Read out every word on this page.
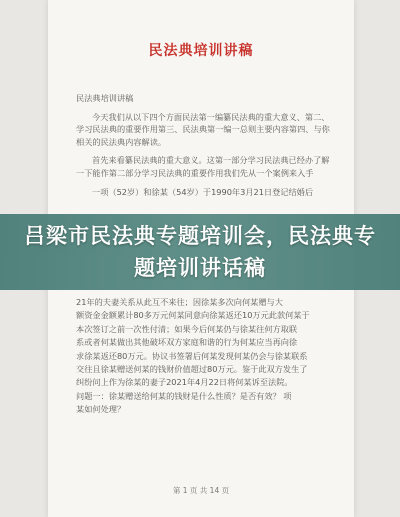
民法典培训讲稿

民法典培训讲稿

今天我们从以下四个方面民法第一编纂民法典的重大意义、第二、学习民法典的重要作用第三、民法典第一编一总则主要内容第四、与你相关的民法典内容解读。

首先来看纂民法典的重大意义。这第一部分学习民法典已经办了解一下能作第二部分学习民法典的重要作用我们先从一个案例来入手

一项（52岁）和徐某（54岁）于1990年3月21日登记结婚后

21年的夫妻关系从此互不来往；因徐某多次向何某赠与大

额资金金额累计80多万元何某同意向徐某返还10万元此款何某于

本次签订之前一次性付清；如果今后何某仍与徐某往何方取联

系或者何某做出其他破坏双方家庭和谐的行为何某应当再向徐

求徐某返还80万元。协议书签署后何某发现何某仍会与徐某联系

交往且徐某赠送何某的钱财价值超过80万元。鉴于此双方发生了

纠纷问上作为徐某的妻子2021年4月22日将何某诉至法院。

问题一：徐某赠送给何某的钱财是什么性质？是否有效？ 项

某如何处理？

第 1 页 共 14 页
吕梁市民法典专题培训会，民法典专题培训讲话稿
